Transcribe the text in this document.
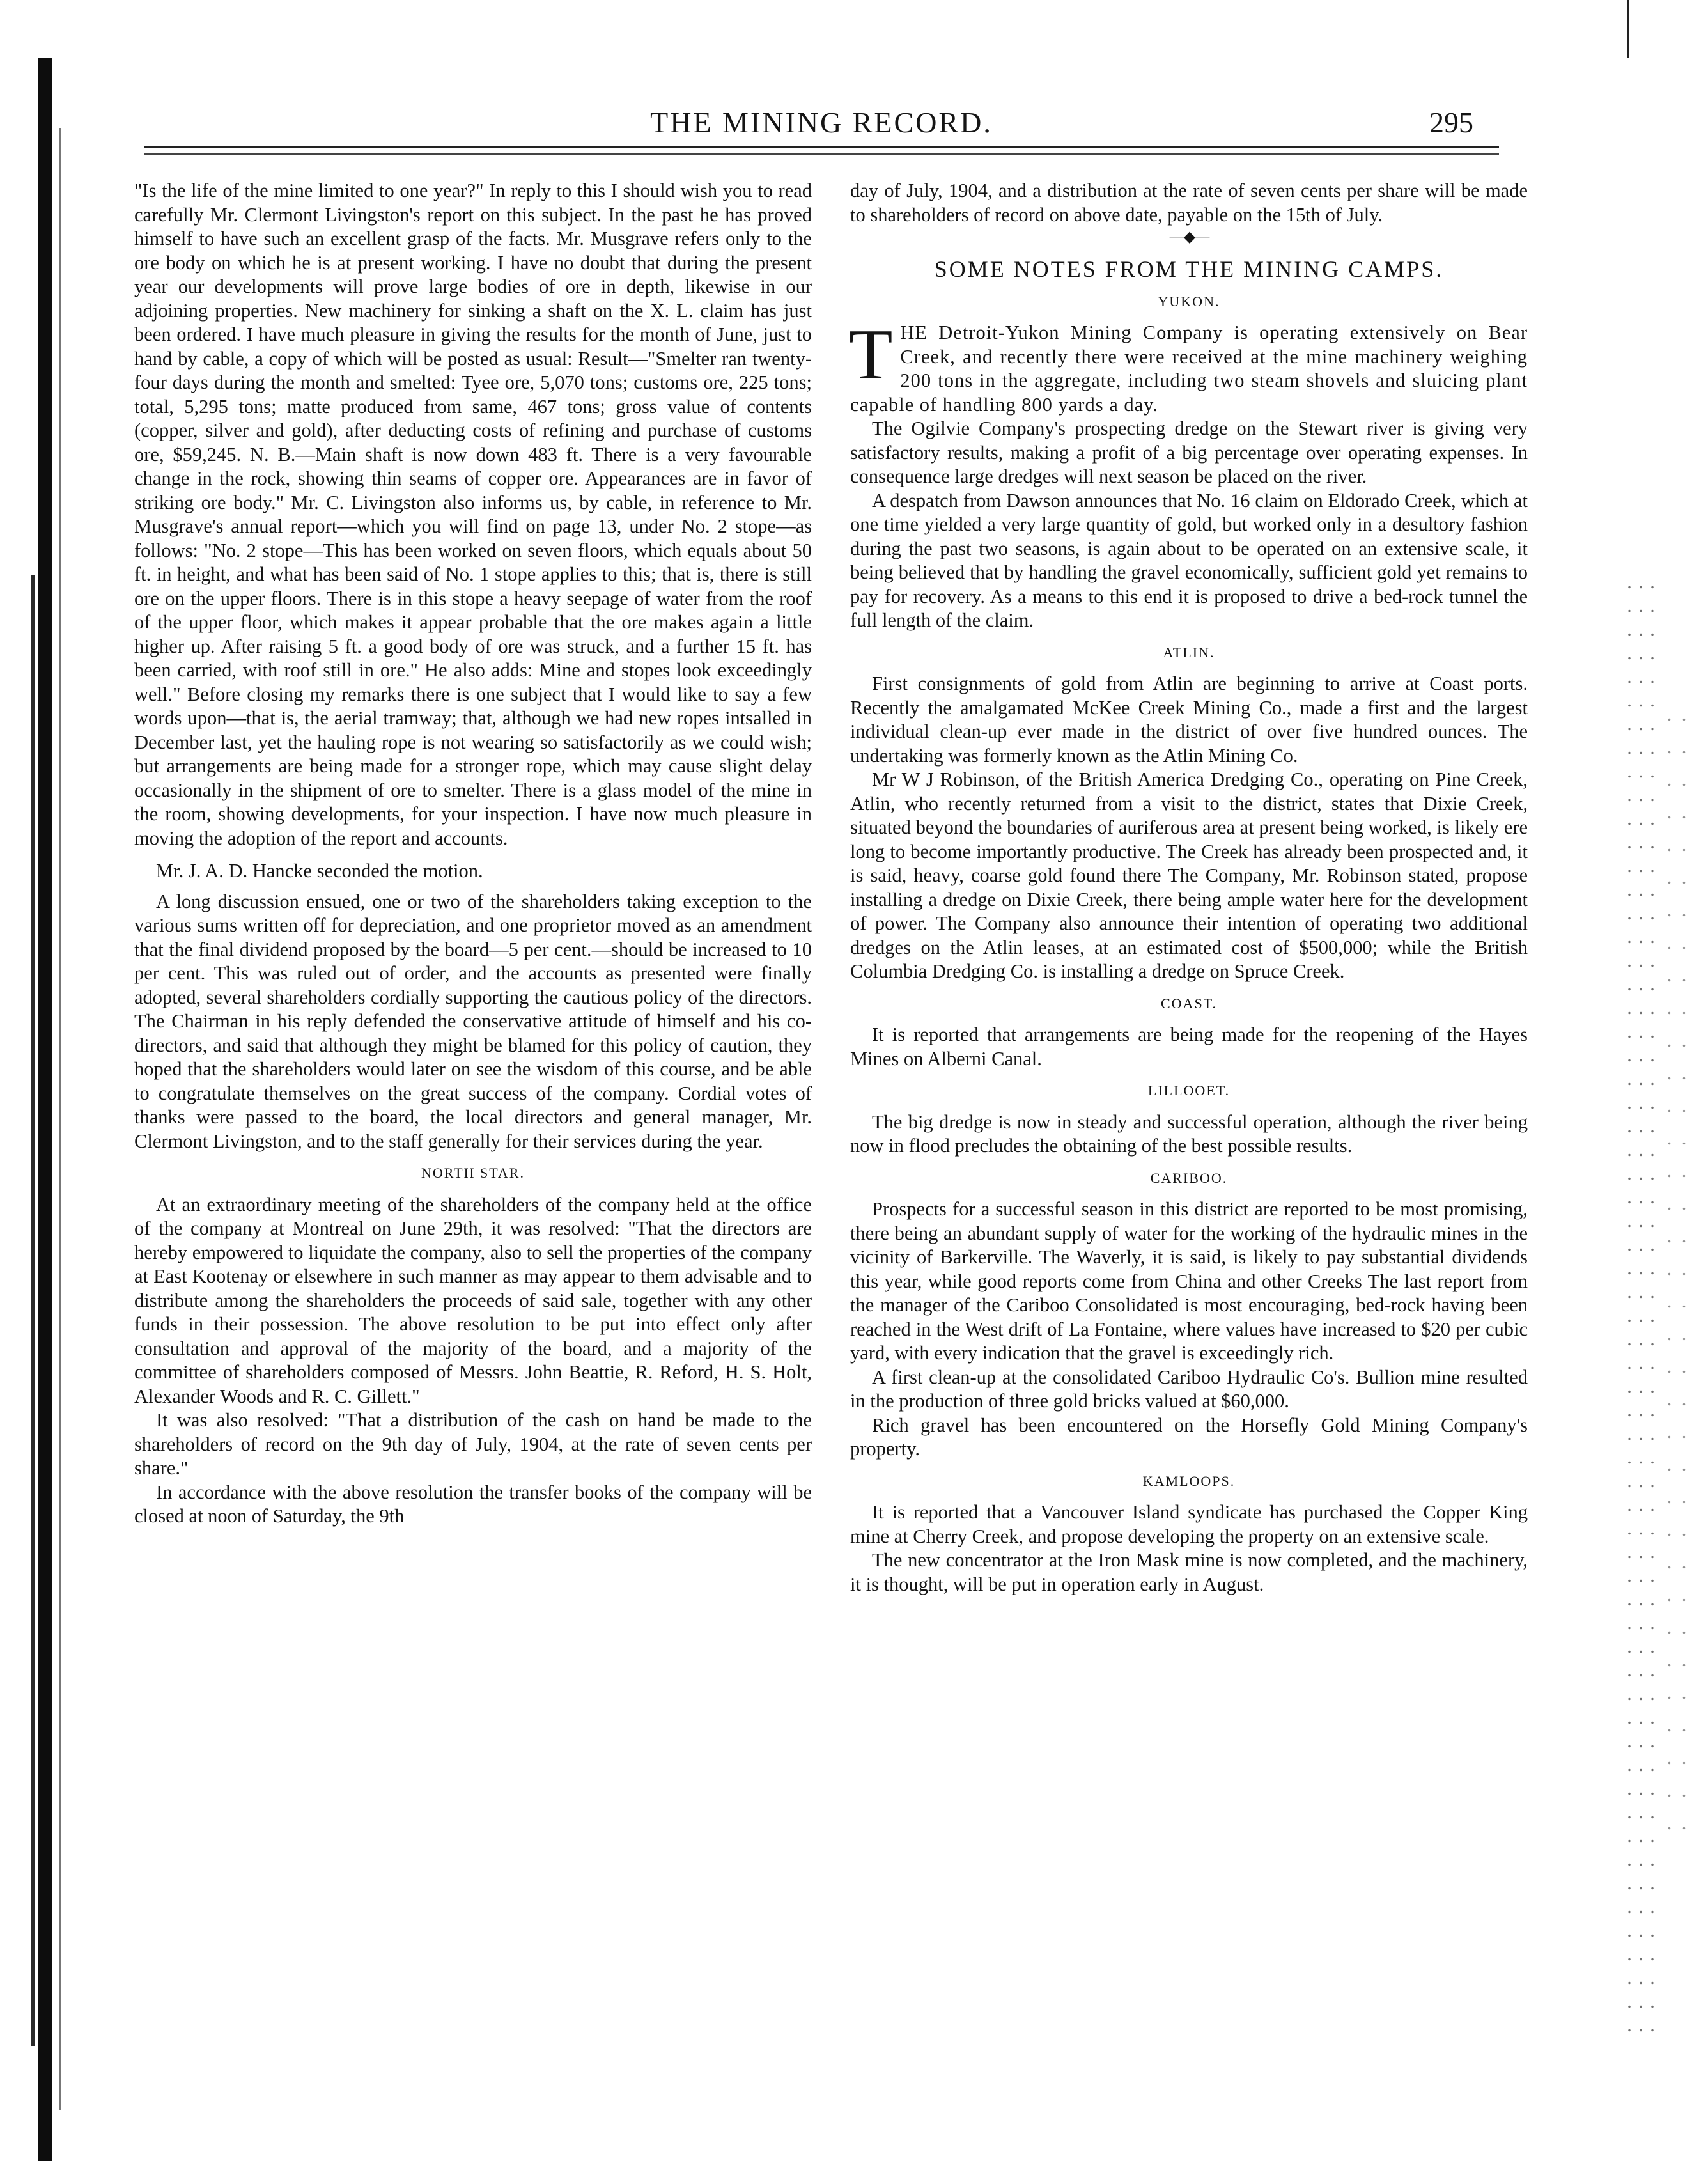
THE MINING RECORD.	295

"Is the life of the mine limited to one year?" In reply to this I should wish you to read carefully Mr. Clermont Livingston's report on this subject. In the past he has proved himself to have such an excellent grasp of the facts. Mr. Musgrave refers only to the ore body on which he is at present working. I have no doubt that during the present year our developments will prove large bodies of ore in depth, likewise in our adjoining properties. New machinery for sinking a shaft on the X. L. claim has just been ordered. I have much pleasure in giving the results for the month of June, just to hand by cable, a copy of which will be posted as usual: Result—"Smelter ran twenty-four days during the month and smelted: Tyee ore, 5,070 tons; customs ore, 225 tons; total, 5,295 tons; matte produced from same, 467 tons; gross value of contents (copper, silver and gold), after deducting costs of refining and purchase of customs ore, $59,245. N. B.—Main shaft is now down 483 ft. There is a very favourable change in the rock, showing thin seams of copper ore. Appearances are in favor of striking ore body." Mr. C. Livingston also informs us, by cable, in reference to Mr. Musgrave's annual report—which you will find on page 13, under No. 2 stope—as follows: "No. 2 stope—This has been worked on seven floors, which equals about 50 ft. in height, and what has been said of No. 1 stope applies to this; that is, there is still ore on the upper floors. There is in this stope a heavy seepage of water from the roof of the upper floor, which makes it appear probable that the ore makes again a little higher up. After raising 5 ft. a good body of ore was struck, and a further 15 ft. has been carried, with roof still in ore." He also adds: Mine and stopes look exceedingly well." Before closing my remarks there is one subject that I would like to say a few words upon—that is, the aerial tramway; that, although we had new ropes intsalled in December last, yet the hauling rope is not wearing so satisfactorily as we could wish; but arrangements are being made for a stronger rope, which may cause slight delay occasionally in the shipment of ore to smelter. There is a glass model of the mine in the room, showing developments, for your inspection. I have now much pleasure in moving the adoption of the report and accounts.

Mr. J. A. D. Hancke seconded the motion.

A long discussion ensued, one or two of the shareholders taking exception to the various sums written off for depreciation, and one proprietor moved as an amendment that the final dividend proposed by the board—5 per cent.—should be increased to 10 per cent. This was ruled out of order, and the accounts as presented were finally adopted, several shareholders cordially supporting the cautious policy of the directors. The Chairman in his reply defended the conservative attitude of himself and his co-directors, and said that although they might be blamed for this policy of caution, they hoped that the shareholders would later on see the wisdom of this course, and be able to congratulate themselves on the great success of the company. Cordial votes of thanks were passed to the board, the local directors and general manager, Mr. Clermont Livingston, and to the staff generally for their services during the year.

NORTH STAR.

At an extraordinary meeting of the shareholders of the company held at the office of the company at Montreal on June 29th, it was resolved: "That the directors are hereby empowered to liquidate the company, also to sell the properties of the company at East Kootenay or elsewhere in such manner as may appear to them advisable and to distribute among the shareholders the proceeds of said sale, together with any other funds in their possession. The above resolution to be put into effect only after consultation and approval of the majority of the board, and a majority of the committee of shareholders composed of Messrs. John Beattie, R. Reford, H. S. Holt, Alexander Woods and R. C. Gillett."

It was also resolved: "That a distribution of the cash on hand be made to the shareholders of record on the 9th day of July, 1904, at the rate of seven cents per share."

In accordance with the above resolution the transfer books of the company will be closed at noon of Saturday, the 9th

day of July, 1904, and a distribution at the rate of seven cents per share will be made to shareholders of record on above date, payable on the 15th of July.

—◆—
SOME NOTES FROM THE MINING CAMPS.
YUKON.
T HE Detroit-Yukon Mining Company is operating extensively on Bear Creek, and recently there were received at the mine machinery weighing 200 tons in the aggregate, including two steam shovels and sluicing plant capable of handling 800 yards a day.

The Ogilvie Company's prospecting dredge on the Stewart river is giving very satisfactory results, making a profit of a big percentage over operating expenses. In consequence large dredges will next season be placed on the river.

A despatch from Dawson announces that No. 16 claim on Eldorado Creek, which at one time yielded a very large quantity of gold, but worked only in a desultory fashion during the past two seasons, is again about to be operated on an extensive scale, it being believed that by handling the gravel economically, sufficient gold yet remains to pay for recovery. As a means to this end it is proposed to drive a bed-rock tunnel the full length of the claim.

ATLIN.

First consignments of gold from Atlin are beginning to arrive at Coast ports. Recently the amalgamated McKee Creek Mining Co., made a first and the largest individual clean-up ever made in the district of over five hundred ounces. The undertaking was formerly known as the Atlin Mining Co.

Mr W J Robinson, of the British America Dredging Co., operating on Pine Creek, Atlin, who recently returned from a visit to the district, states that Dixie Creek, situated beyond the boundaries of auriferous area at present being worked, is likely ere long to become importantly productive. The Creek has already been prospected and, it is said, heavy, coarse gold found there The Company, Mr. Robinson stated, propose installing a dredge on Dixie Creek, there being ample water here for the development of power. The Company also announce their intention of operating two additional dredges on the Atlin leases, at an estimated cost of $500,000; while the British Columbia Dredging Co. is installing a dredge on Spruce Creek.

COAST.

It is reported that arrangements are being made for the reopening of the Hayes Mines on Alberni Canal.

LILLOOET.

The big dredge is now in steady and successful operation, although the river being now in flood precludes the obtaining of the best possible results.

CARIBOO.

Prospects for a successful season in this district are reported to be most promising, there being an abundant supply of water for the working of the hydraulic mines in the vicinity of Barkerville. The Waverly, it is said, is likely to pay substantial dividends this year, while good reports come from China and other Creeks The last report from the manager of the Cariboo Consolidated is most encouraging, bed-rock having been reached in the West drift of La Fontaine, where values have increased to $20 per cubic yard, with every indication that the gravel is exceedingly rich.

A first clean-up at the consolidated Cariboo Hydraulic Co's. Bullion mine resulted in the production of three gold bricks valued at $60,000.

Rich gravel has been encountered on the Horsefly Gold Mining Company's property.

KAMLOOPS.

It is reported that a Vancouver Island syndicate has purchased the Copper King mine at Cherry Creek, and propose developing the property on an extensive scale.

The new concentrator at the Iron Mask mine is now completed, and the machinery, it is thought, will be put in operation early in August.
